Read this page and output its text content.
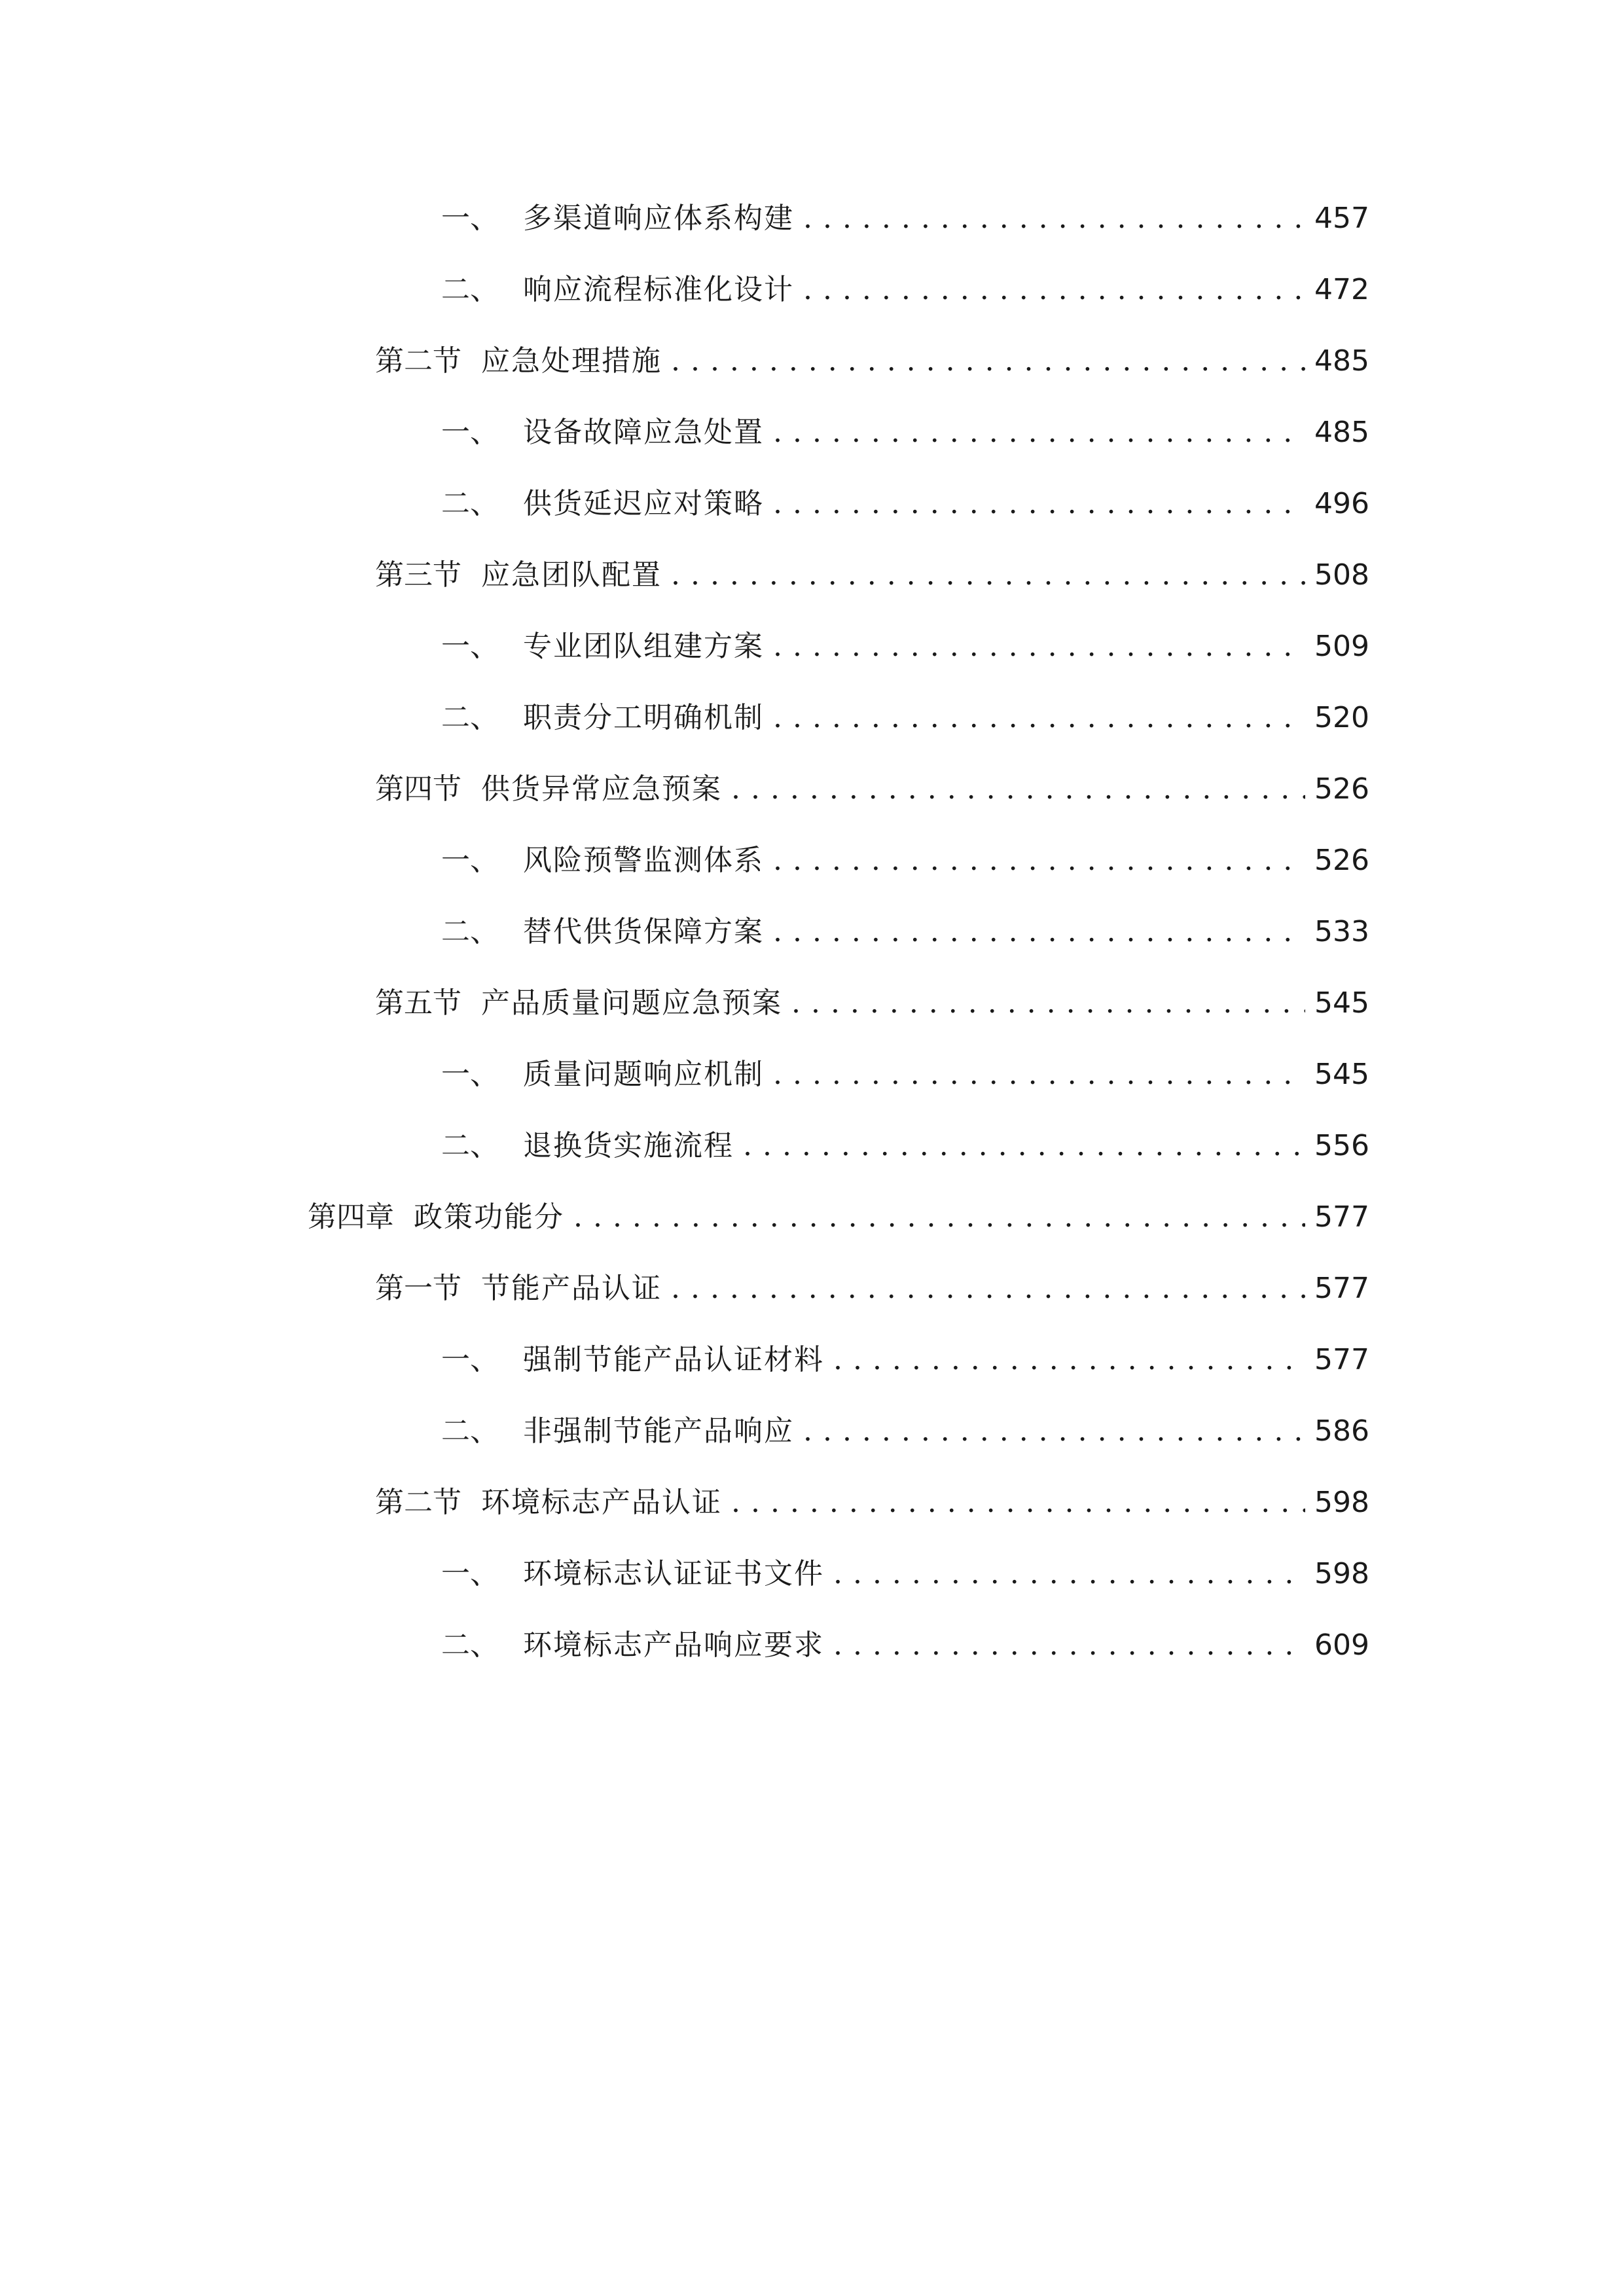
一、 多渠道响应体系构建 . . .	457
二、 响应流程标准化设计 . . .	472
第二节 应急处理措施 . . .	485
一、 设备故障应急处置 . . .	485
二、 供货延迟应对策略 . . .	496
第三节 应急团队配置 . . .	508
一、 专业团队组建方案 . . .	509
二、 职责分工明确机制 . . .	520
第四节 供货异常应急预案 . . .	526
一、 风险预警监测体系 . . .	526
二、 替代供货保障方案 . . .	533
第五节 产品质量问题应急预案 . . .	545
一、 质量问题响应机制 . . .	545
二、 退换货实施流程 . . .	556
第四章 政策功能分 . . .	577
第一节 节能产品认证 . . .	577
一、 强制节能产品认证材料 . . .	577
二、 非强制节能产品响应 . . .	586
第二节 环境标志产品认证 . . .	598
一、 环境标志认证证书文件 . . .	598
二、 环境标志产品响应要求 . . .	609
